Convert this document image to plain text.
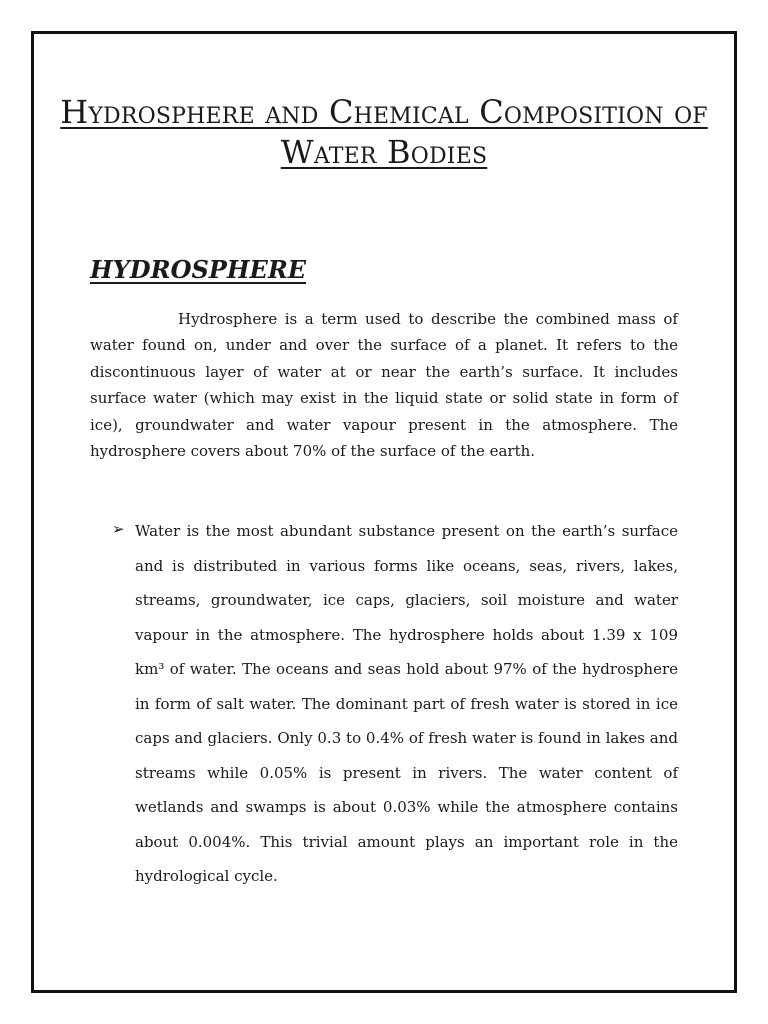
Hydrosphere and Chemical Composition of Water Bodies
HYDROSPHERE

Hydrosphere is a term used to describe the combined mass of water found on, under and over the surface of a planet. It refers to the discontinuous layer of water at or near the earth’s surface. It includes surface water (which may exist in the liquid state or solid state in form of ice), groundwater and water vapour present in the atmosphere. The hydrosphere covers about 70% of the surface of the earth.

➢ Water is the most abundant substance present on the earth’s surface and is distributed in various forms like oceans, seas, rivers, lakes, streams, groundwater, ice caps, glaciers, soil moisture and water vapour in the atmosphere. The hydrosphere holds about 1.39 x 109 km³ of water. The oceans and seas hold about 97% of the hydrosphere in form of salt water. The dominant part of fresh water is stored in ice caps and glaciers. Only 0.3 to 0.4% of fresh water is found in lakes and streams while 0.05% is present in rivers. The water content of wetlands and swamps is about 0.03% while the atmosphere contains about 0.004%. This trivial amount plays an important role in the hydrological cycle.
